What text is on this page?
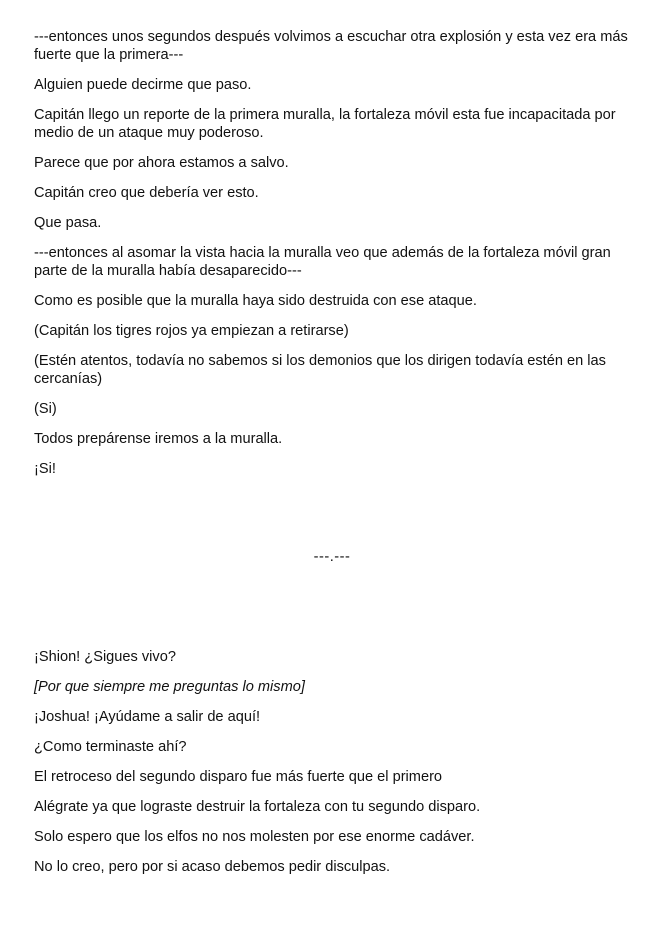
---entonces unos segundos después volvimos a escuchar otra explosión y esta vez era más fuerte que la primera---

Alguien puede decirme que paso.

Capitán llego un reporte de la primera muralla, la fortaleza móvil esta fue incapacitada por medio de un ataque muy poderoso.

Parece que por ahora estamos a salvo.

Capitán creo que debería ver esto.

Que pasa.

---entonces al asomar la vista hacia la muralla veo que además de la fortaleza móvil gran parte de la muralla había desaparecido---

Como es posible que la muralla haya sido destruida con ese ataque.

(Capitán los tigres rojos ya empiezan a retirarse)

(Estén atentos, todavía no sabemos si los demonios que los dirigen todavía estén en las cercanías)

(Si)

Todos prepárense iremos a la muralla.

¡Si!

---.---

¡Shion! ¿Sigues vivo?

[Por que siempre me preguntas lo mismo]

¡Joshua! ¡Ayúdame a salir de aquí!

¿Como terminaste ahí?

El retroceso del segundo disparo fue más fuerte que el primero

Alégrate ya que lograste destruir la fortaleza con tu segundo disparo.

Solo espero que los elfos no nos molesten por ese enorme cadáver.

No lo creo, pero por si acaso debemos pedir disculpas.
